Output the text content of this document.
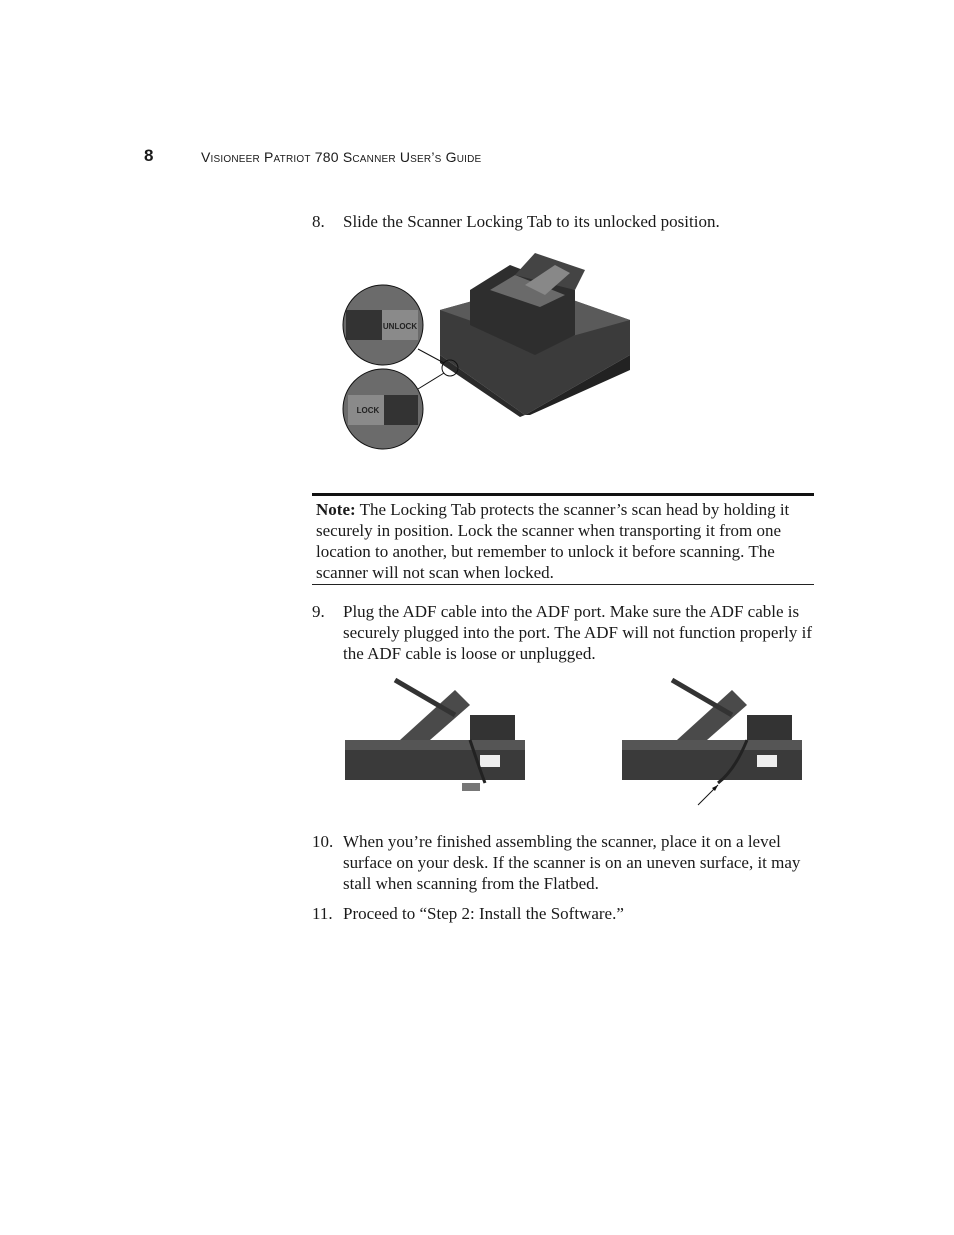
8	Visioneer Patriot 780 Scanner User’s Guide
8. Slide the Scanner Locking Tab to its unlocked position.
UNLOCK
LOCK
Note: The Locking Tab protects the scanner’s scan head by holding it securely in position. Lock the scanner when transporting it from one location to another, but remember to unlock it before scanning. The scanner will not scan when locked.
9. Plug the ADF cable into the ADF port. Make sure the ADF cable is securely plugged into the port. The ADF will not function properly if the ADF cable is loose or unplugged.
10. When you’re finished assembling the scanner, place it on a level surface on your desk. If the scanner is on an uneven surface, it may stall when scanning from the Flatbed.
11. Proceed to “Step 2: Install the Software.”
